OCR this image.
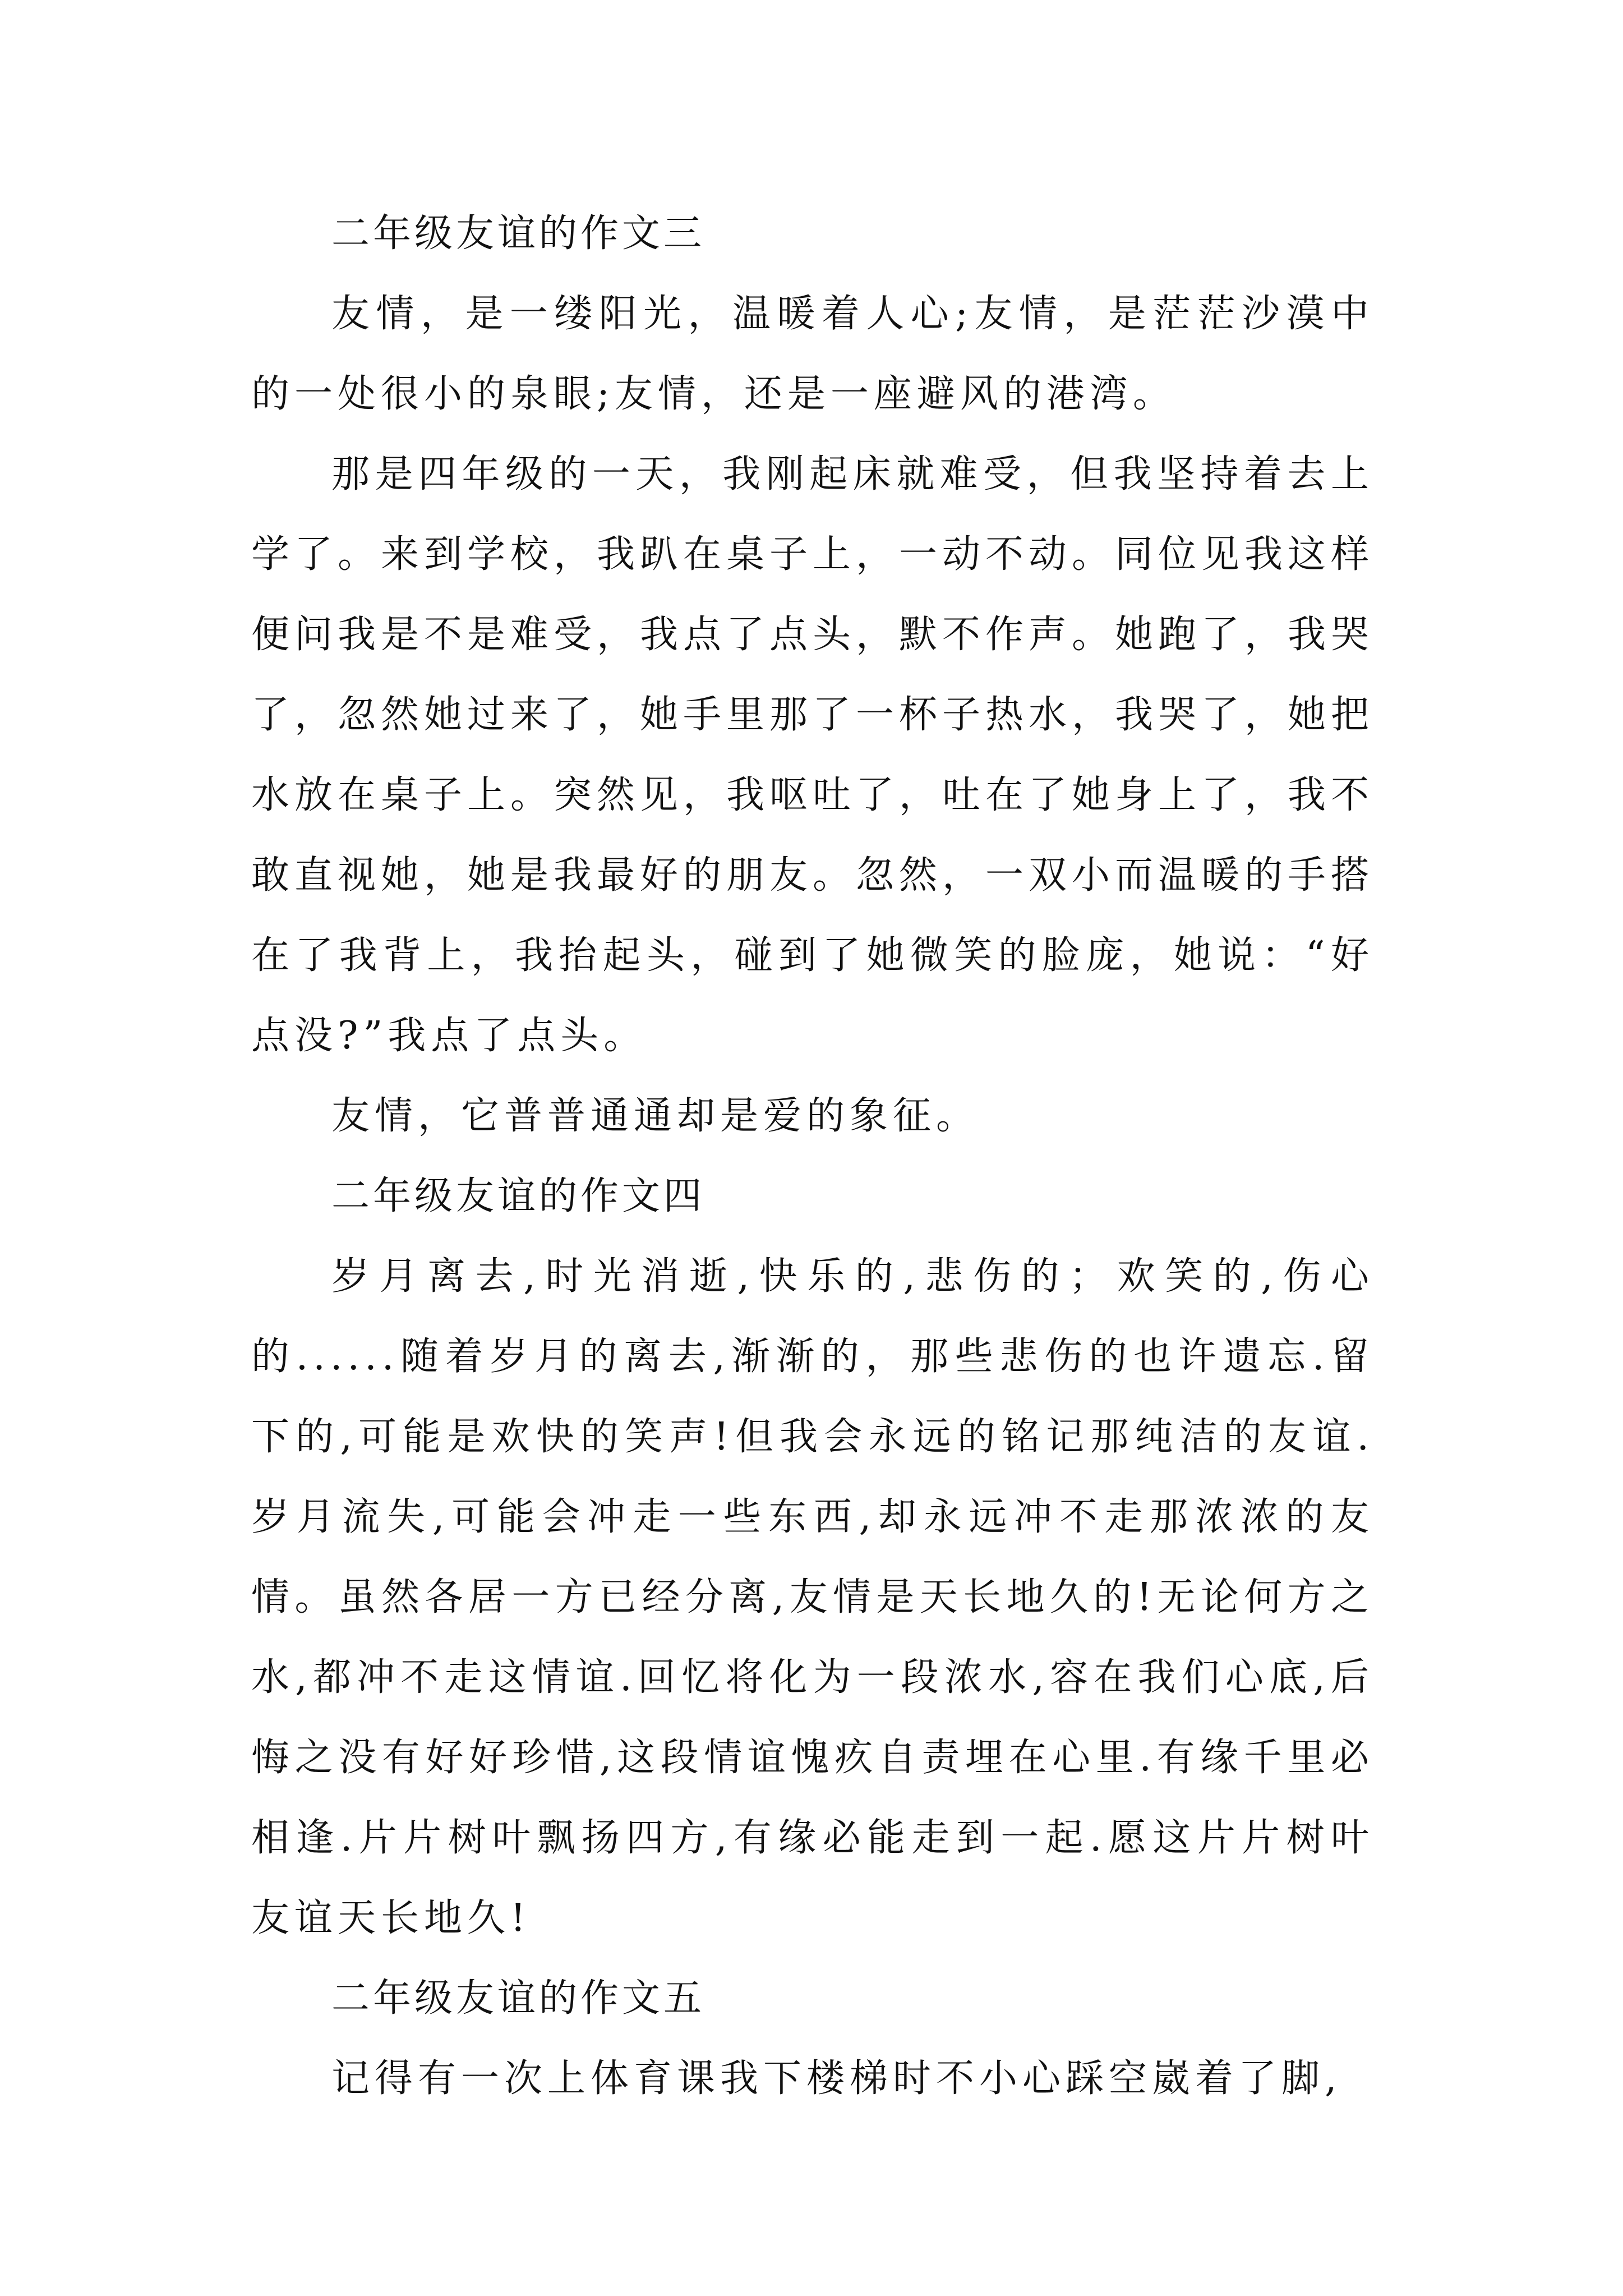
二年级友谊的作文三

友情，是一缕阳光，温暖着人心;友情，是茫茫沙漠中的一处很小的泉眼;友情，还是一座避风的港湾。

那是四年级的一天，我刚起床就难受，但我坚持着去上学了。来到学校，我趴在桌子上，一动不动。同位见我这样便问我是不是难受，我点了点头，默不作声。她跑了，我哭了，忽然她过来了，她手里那了一杯子热水，我哭了，她把水放在桌子上。突然见，我呕吐了，吐在了她身上了，我不敢直视她，她是我最好的朋友。忽然，一双小而温暖的手搭在了我背上，我抬起头，碰到了她微笑的脸庞，她说：“好点没?”我点了点头。

友情，它普普通通却是爱的象征。

二年级友谊的作文四

岁月离去,时光消逝,快乐的,悲伤的；欢笑的,伤心的......随着岁月的离去,渐渐的，那些悲伤的也许遗忘.留下的,可能是欢快的笑声!但我会永远的铭记那纯洁的友谊.岁月流失,可能会冲走一些东西,却永远冲不走那浓浓的友情。虽然各居一方已经分离,友情是天长地久的!无论何方之水,都冲不走这情谊.回忆将化为一段浓水,容在我们心底,后悔之没有好好珍惜,这段情谊愧疚自责埋在心里.有缘千里必相逢.片片树叶飘扬四方,有缘必能走到一起.愿这片片树叶友谊天长地久!

二年级友谊的作文五

记得有一次上体育课我下楼梯时不小心踩空崴着了脚,
